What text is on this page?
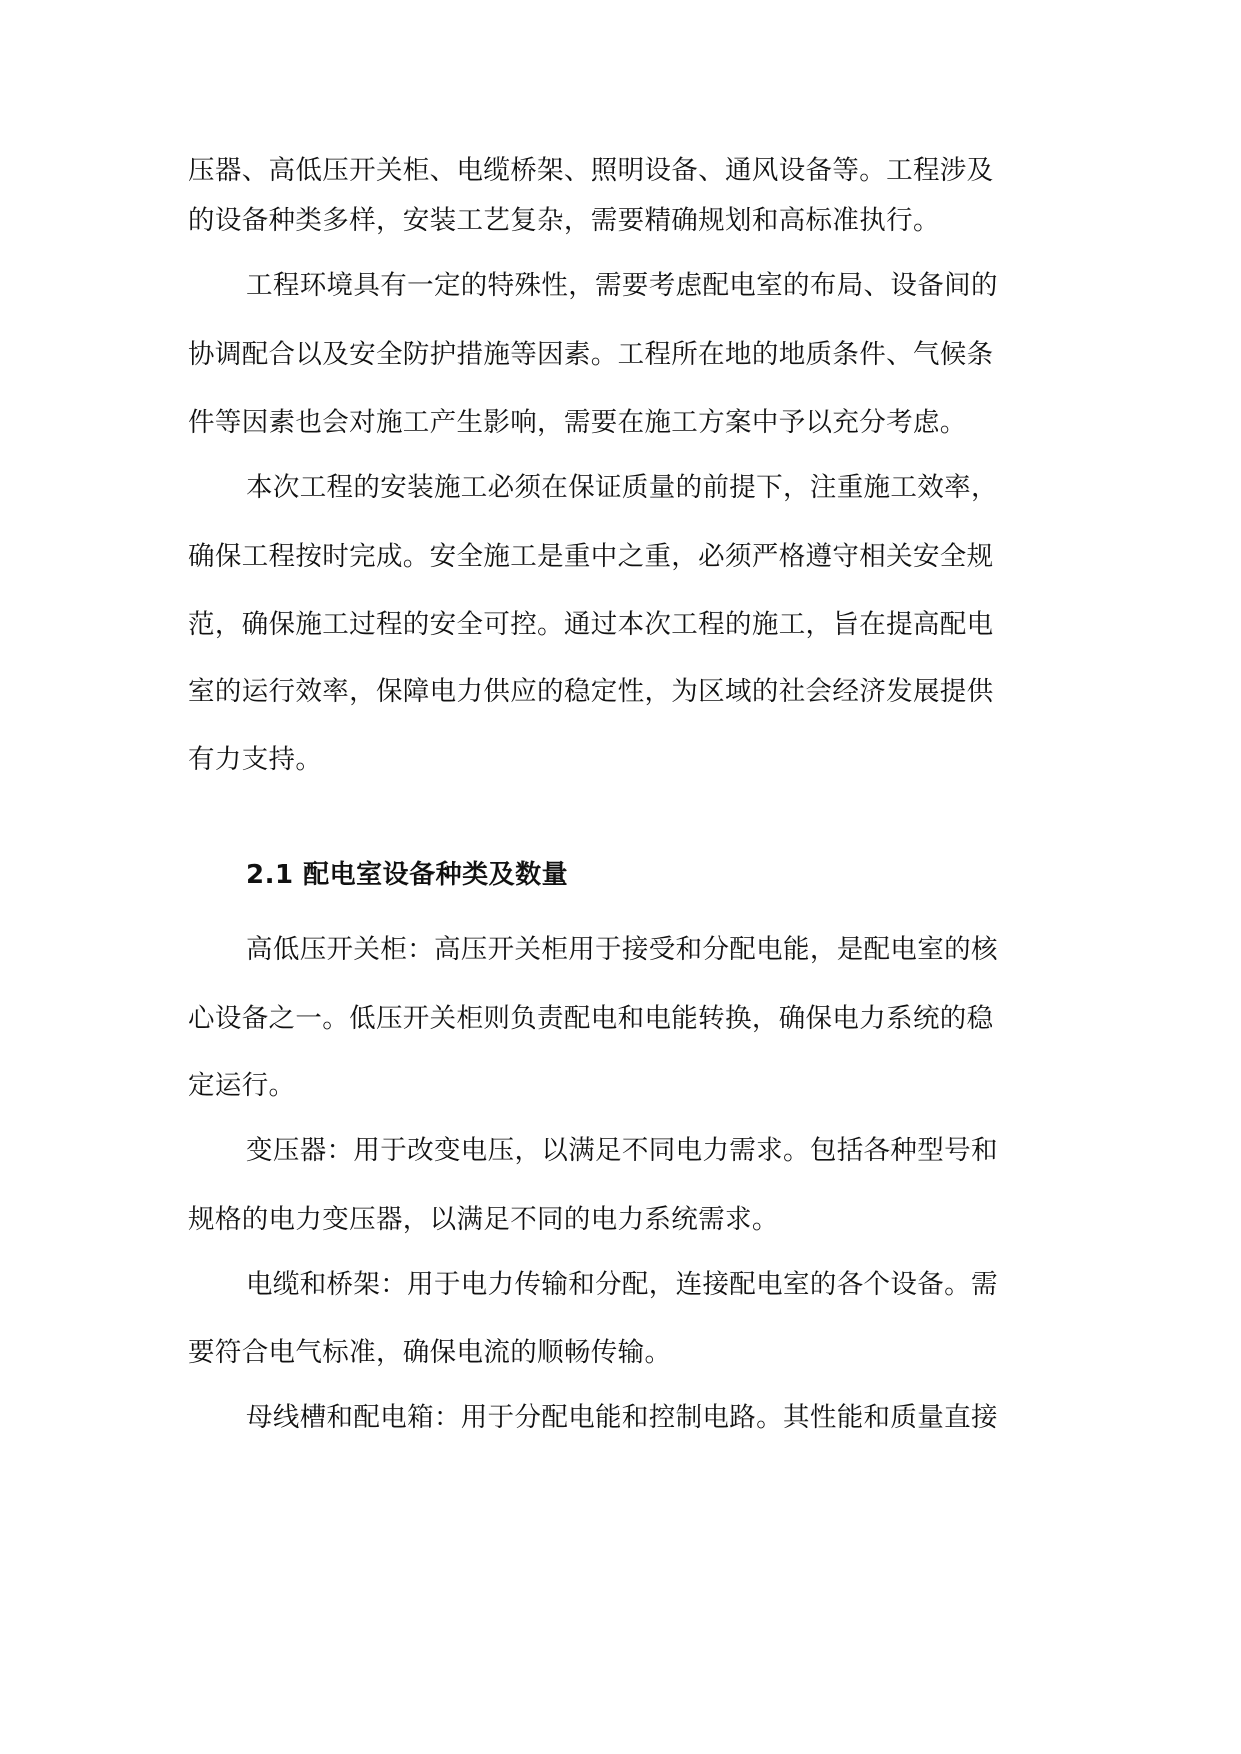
压器、高低压开关柜、电缆桥架、照明设备、通风设备等。工程涉及
的设备种类多样，安装工艺复杂，需要精确规划和高标准执行。
工程环境具有一定的特殊性，需要考虑配电室的布局、设备间的
协调配合以及安全防护措施等因素。工程所在地的地质条件、气候条
件等因素也会对施工产生影响，需要在施工方案中予以充分考虑。
本次工程的安装施工必须在保证质量的前提下，注重施工效率，
确保工程按时完成。安全施工是重中之重，必须严格遵守相关安全规
范，确保施工过程的安全可控。通过本次工程的施工，旨在提高配电
室的运行效率，保障电力供应的稳定性，为区域的社会经济发展提供
有力支持。
2.1 配电室设备种类及数量
高低压开关柜：高压开关柜用于接受和分配电能，是配电室的核
心设备之一。低压开关柜则负责配电和电能转换，确保电力系统的稳
定运行。
变压器：用于改变电压，以满足不同电力需求。包括各种型号和
规格的电力变压器，以满足不同的电力系统需求。
电缆和桥架：用于电力传输和分配，连接配电室的各个设备。需
要符合电气标准，确保电流的顺畅传输。
母线槽和配电箱：用于分配电能和控制电路。其性能和质量直接
